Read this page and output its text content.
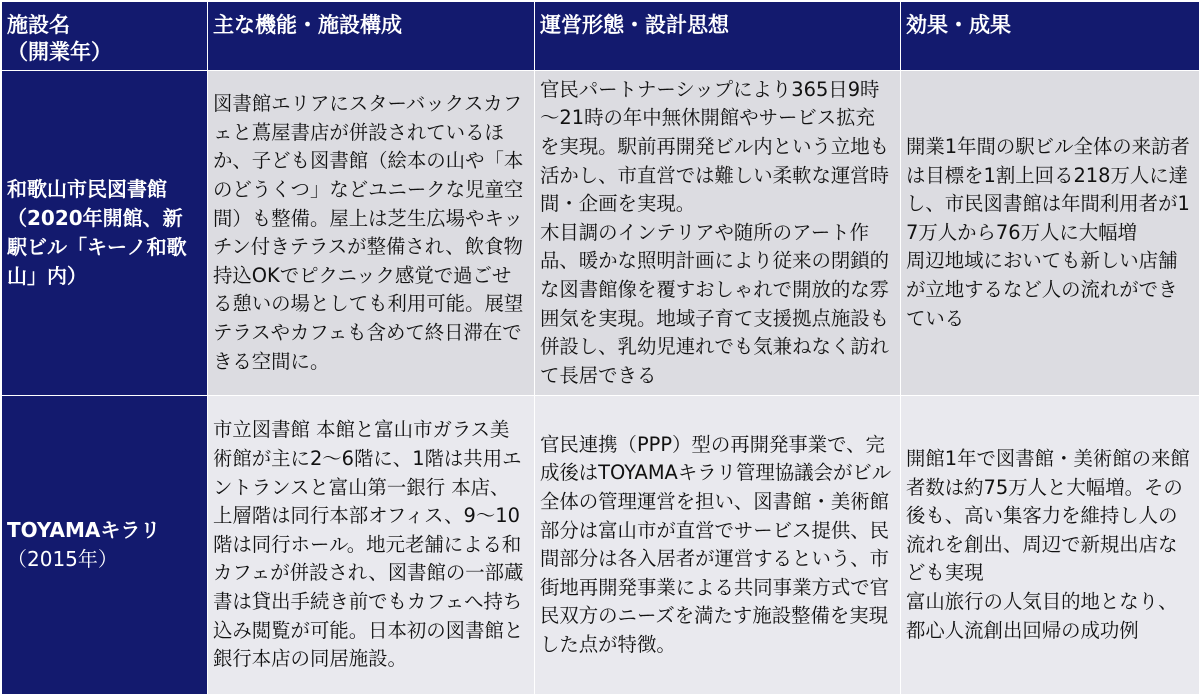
施設名
（開業年）	主な機能・施設構成	運営形態・設計思想	効果・成果

和歌山市民図書館
（2020年開館、新
駅ビル「キーノ和歌
山」内）	図書館エリアにスターバックスカフェと蔦屋書店が併設されているほか、子ども図書館（絵本の山や「本のどうくつ」などユニークな児童空間）も整備。屋上は芝生広場やキッチン付きテラスが整備され、飲食物持込OKでピクニック感覚で過ごせる憩いの場としても利用可能。展望テラスやカフェも含めて終日滞在できる空間に。	官民パートナーシップにより365日9時～21時の年中無休開館やサービス拡充を実現。駅前再開発ビル内という立地も活かし、市直営では難しい柔軟な運営時間・企画を実現。
木目調のインテリアや随所のアート作品、暖かな照明計画により従来の閉鎖的な図書館像を覆すおしゃれで開放的な雰囲気を実現。地域子育て支援拠点施設も併設し、乳幼児連れでも気兼ねなく訪れて長居できる	開業1年間の駅ビル全体の来訪者は目標を1割上回る218万人に達し、市民図書館は年間利用者が17万人から76万人に大幅増
周辺地域においても新しい店舗が立地するなど人の流れができている

TOYAMAキラリ
（2015年）	市立図書館 本館と富山市ガラス美術館が主に2～6階に、1階は共用エントランスと富山第一銀行 本店、上層階は同行本部オフィス、9～10階は同行ホール。地元老舗による和カフェが併設され、図書館の一部蔵書は貸出手続き前でもカフェへ持ち込み閲覧が可能。日本初の図書館と銀行本店の同居施設。	官民連携（PPP）型の再開発事業で、完成後はTOYAMAキラリ管理協議会がビル全体の管理運営を担い、図書館・美術館部分は富山市が直営でサービス提供、民間部分は各入居者が運営するという、市街地再開発事業による共同事業方式で官民双方のニーズを満たす施設整備を実現した点が特徴。	開館1年で図書館・美術館の来館者数は約75万人と大幅増。その後も、高い集客力を維持し人の流れを創出、周辺で新規出店なども実現
富山旅行の人気目的地となり、都心人流創出回帰の成功例
